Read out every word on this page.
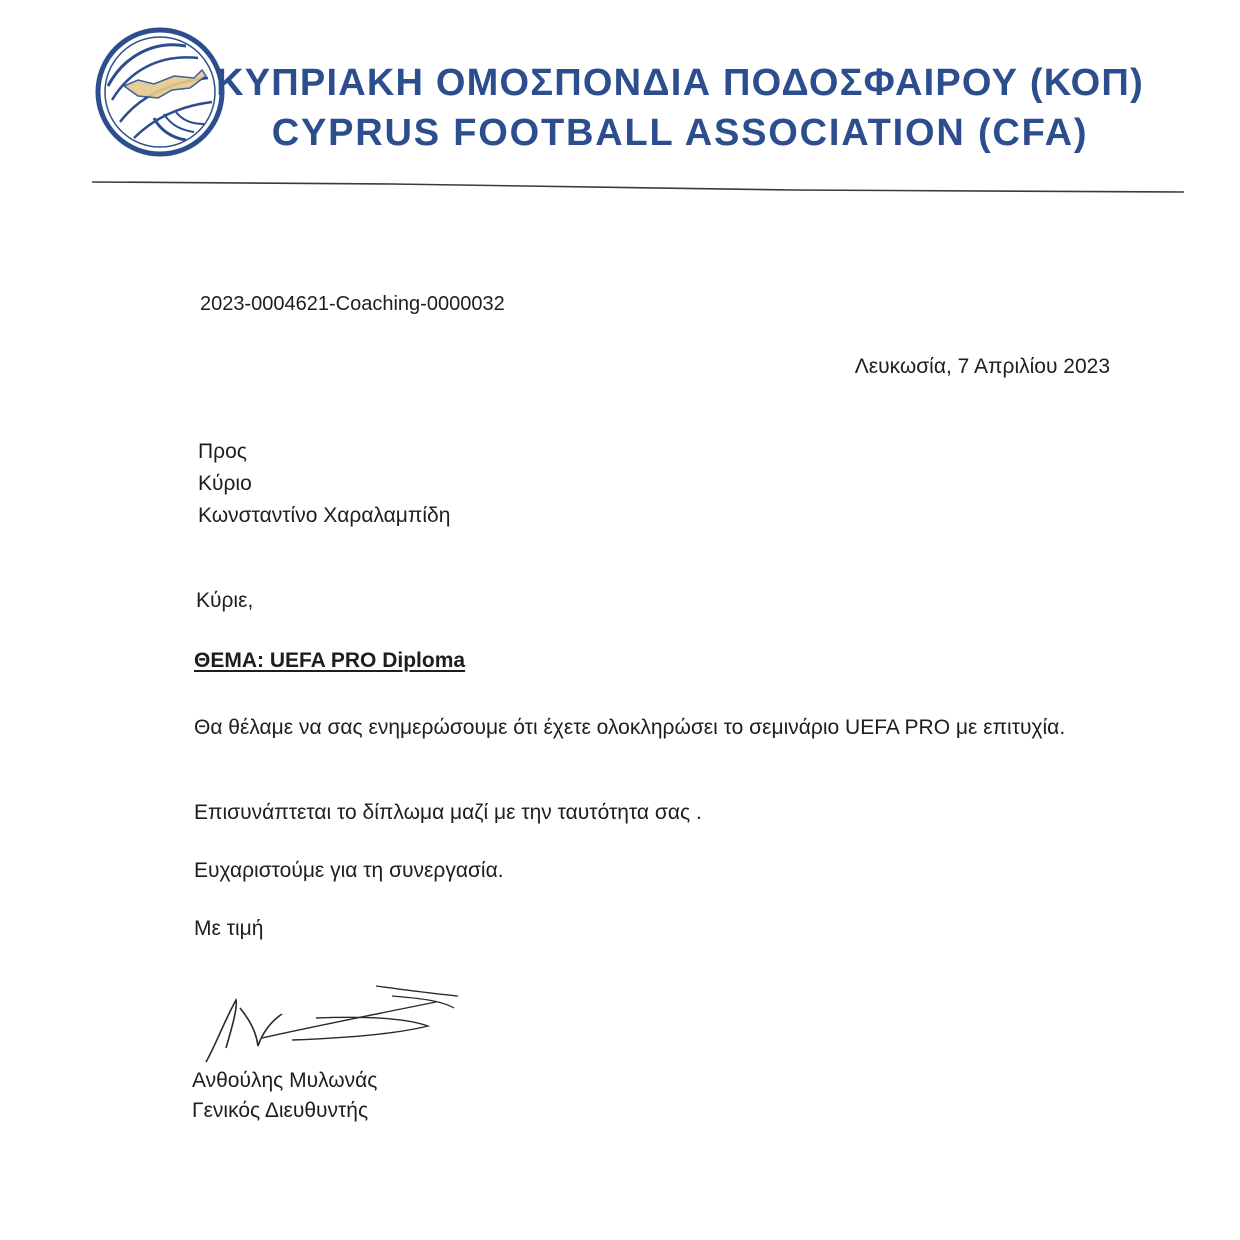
ΚΥΠΡΙΑΚΗ ΟΜΟΣΠΟΝΔΙΑ ΠΟΔΟΣΦΑΙΡΟΥ (ΚΟΠ)
CYPRUS FOOTBALL ASSOCIATION (CFA)
2023-0004621-Coaching-0000032
Λευκωσία, 7 Απριλίου 2023
Προς
Κύριο
Κωνσταντίνο Χαραλαμπίδη
Κύριε,
ΘΕΜΑ: UEFA PRO Diploma
Θα θέλαμε να σας ενημερώσουμε ότι έχετε ολοκληρώσει το σεμινάριο UEFA PRO με επιτυχία.
Επισυνάπτεται το δίπλωμα μαζί με την ταυτότητα σας .
Ευχαριστούμε για τη συνεργασία.
Με τιμή
Ανθούλης Μυλωνάς
Γενικός Διευθυντής
